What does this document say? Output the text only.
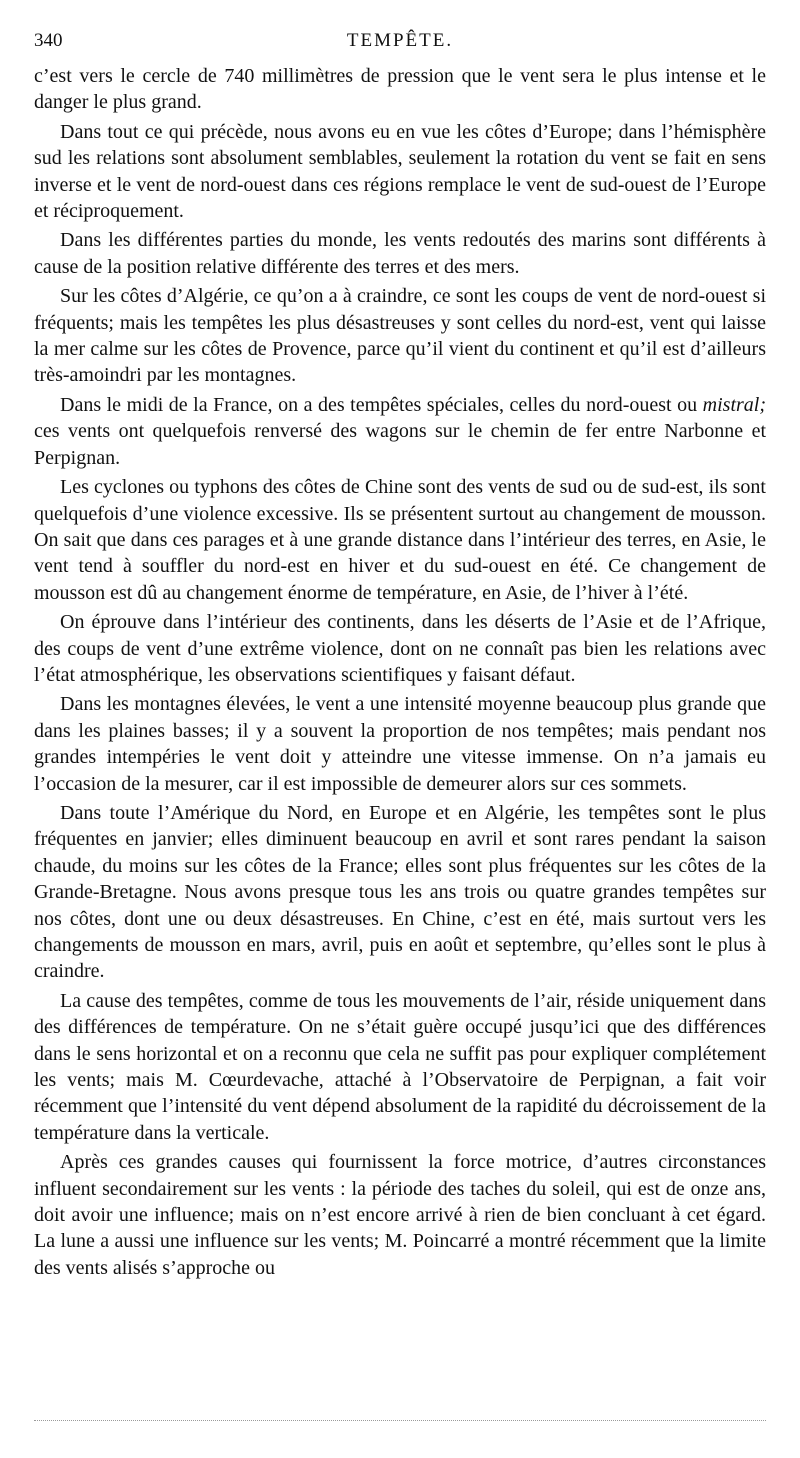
340	TEMPÊTE.

c’est vers le cercle de 740 millimètres de pression que le vent sera le plus intense et le danger le plus grand.

Dans tout ce qui précède, nous avons eu en vue les côtes d’Europe; dans l’hémisphère sud les relations sont absolument semblables, seulement la rotation du vent se fait en sens inverse et le vent de nord-ouest dans ces régions remplace le vent de sud-ouest de l’Europe et réciproquement.

Dans les différentes parties du monde, les vents redoutés des marins sont différents à cause de la position relative différente des terres et des mers.

Sur les côtes d’Algérie, ce qu’on a à craindre, ce sont les coups de vent de nord-ouest si fréquents; mais les tempêtes les plus désastreuses y sont celles du nord-est, vent qui laisse la mer calme sur les côtes de Provence, parce qu’il vient du continent et qu’il est d’ailleurs très-amoindri par les montagnes.

Dans le midi de la France, on a des tempêtes spéciales, celles du nord-ouest ou mistral; ces vents ont quelquefois renversé des wagons sur le chemin de fer entre Narbonne et Perpignan.

Les cyclones ou typhons des côtes de Chine sont des vents de sud ou de sud-est, ils sont quelquefois d’une violence excessive. Ils se présentent surtout au changement de mousson. On sait que dans ces parages et à une grande distance dans l’intérieur des terres, en Asie, le vent tend à souffler du nord-est en hiver et du sud-ouest en été. Ce changement de mousson est dû au changement énorme de température, en Asie, de l’hiver à l’été.

On éprouve dans l’intérieur des continents, dans les déserts de l’Asie et de l’Afrique, des coups de vent d’une extrême violence, dont on ne connaît pas bien les relations avec l’état atmosphérique, les observations scientifiques y faisant défaut.

Dans les montagnes élevées, le vent a une intensité moyenne beaucoup plus grande que dans les plaines basses; il y a souvent la proportion de nos tempêtes; mais pendant nos grandes intempéries le vent doit y atteindre une vitesse immense. On n’a jamais eu l’occasion de la mesurer, car il est impossible de demeurer alors sur ces sommets.

Dans toute l’Amérique du Nord, en Europe et en Algérie, les tempêtes sont le plus fréquentes en janvier; elles diminuent beaucoup en avril et sont rares pendant la saison chaude, du moins sur les côtes de la France; elles sont plus fréquentes sur les côtes de la Grande-Bretagne. Nous avons presque tous les ans trois ou quatre grandes tempêtes sur nos côtes, dont une ou deux désastreuses. En Chine, c’est en été, mais surtout vers les changements de mousson en mars, avril, puis en août et septembre, qu’elles sont le plus à craindre.

La cause des tempêtes, comme de tous les mouvements de l’air, réside uniquement dans des différences de température. On ne s’était guère occupé jusqu’ici que des différences dans le sens horizontal et on a reconnu que cela ne suffit pas pour expliquer complétement les vents; mais M. Cœurdevache, attaché à l’Observatoire de Perpignan, a fait voir récemment que l’intensité du vent dépend absolument de la rapidité du décroissement de la température dans la verticale.

Après ces grandes causes qui fournissent la force motrice, d’autres circonstances influent secondairement sur les vents : la période des taches du soleil, qui est de onze ans, doit avoir une influence; mais on n’est encore arrivé à rien de bien concluant à cet égard. La lune a aussi une influence sur les vents; M. Poincarré a montré récemment que la limite des vents alisés s’approche ou
